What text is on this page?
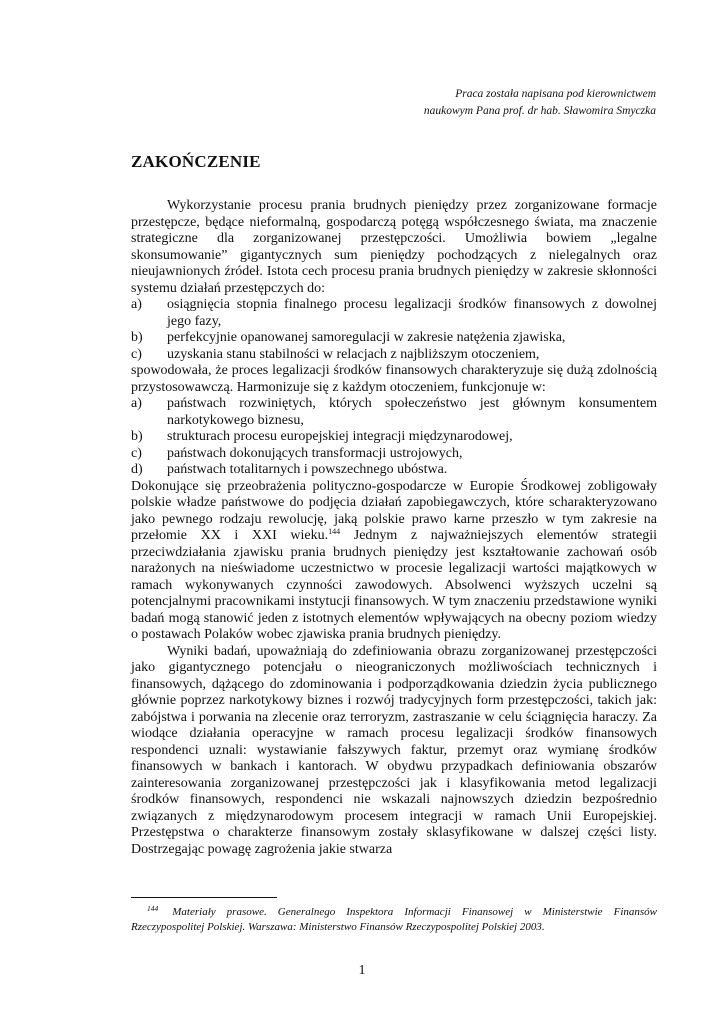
Praca została napisana pod kierownictwem
naukowym Pana prof. dr hab. Sławomira Smyczka
ZAKOŃCZENIE

Wykorzystanie procesu prania brudnych pieniędzy przez zorganizowane formacje przestępcze, będące nieformalną, gospodarczą potęgą współczesnego świata, ma znaczenie strategiczne dla zorganizowanej przestępczości. Umożliwia bowiem „legalne skonsumowanie” gigantycznych sum pieniędzy pochodzących z nielegalnych oraz nieujawnionych źródeł. Istota cech procesu prania brudnych pieniędzy w zakresie skłonności systemu działań przestępczych do:

a) osiągnięcia stopnia finalnego procesu legalizacji środków finansowych z dowolnej jego fazy,

b) perfekcyjnie opanowanej samoregulacji w zakresie natężenia zjawiska,

c) uzyskania stanu stabilności w relacjach z najbliższym otoczeniem,

spowodowała, że proces legalizacji środków finansowych charakteryzuje się dużą zdolnością przystosowawczą. Harmonizuje się z każdym otoczeniem, funkcjonuje w:

a) państwach rozwiniętych, których społeczeństwo jest głównym konsumentem narkotykowego biznesu,

b) strukturach procesu europejskiej integracji międzynarodowej,

c) państwach dokonujących transformacji ustrojowych,

d) państwach totalitarnych i powszechnego ubóstwa.

Dokonujące się przeobrażenia polityczno-gospodarcze w Europie Środkowej zobligowały polskie władze państwowe do podjęcia działań zapobiegawczych, które scharakteryzowano jako pewnego rodzaju rewolucję, jaką polskie prawo karne przeszło w tym zakresie na przełomie XX i XXI wieku.$^{144}$ Jednym z najważniejszych elementów strategii przeciwdziałania zjawisku prania brudnych pieniędzy jest kształtowanie zachowań osób narażonych na nieświadome uczestnictwo w procesie legalizacji wartości majątkowych w ramach wykonywanych czynności zawodowych. Absolwenci wyższych uczelni są potencjalnymi pracownikami instytucji finansowych. W tym znaczeniu przedstawione wyniki badań mogą stanowić jeden z istotnych elementów wpływających na obecny poziom wiedzy o postawach Polaków wobec zjawiska prania brudnych pieniędzy.

Wyniki badań, upoważniają do zdefiniowania obrazu zorganizowanej przestępczości jako gigantycznego potencjału o nieograniczonych możliwościach technicznych i finansowych, dążącego do zdominowania i podporządkowania dziedzin życia publicznego głównie poprzez narkotykowy biznes i rozwój tradycyjnych form przestępczości, takich jak: zabójstwa i porwania na zlecenie oraz terroryzm, zastraszanie w celu ściągnięcia haraczy. Za wiodące działania operacyjne w ramach procesu legalizacji środków finansowych respondenci uznali: wystawianie fałszywych faktur, przemyt oraz wymianę środków finansowych w bankach i kantorach. W obydwu przypadkach definiowania obszarów zainteresowania zorganizowanej przestępczości jak i klasyfikowania metod legalizacji środków finansowych, respondenci nie wskazali najnowszych dziedzin bezpośrednio związanych z międzynarodowym procesem integracji w ramach Unii Europejskiej. Przestępstwa o charakterze finansowym zostały sklasyfikowane w dalszej części listy. Dostrzegając powagę zagrożenia jakie stwarza

$^{144}$ Materiały prasowe. Generalnego Inspektora Informacji Finansowej w Ministerstwie Finansów Rzeczypospolitej Polskiej. Warszawa: Ministerstwo Finansów Rzeczypospolitej Polskiej 2003.
1
